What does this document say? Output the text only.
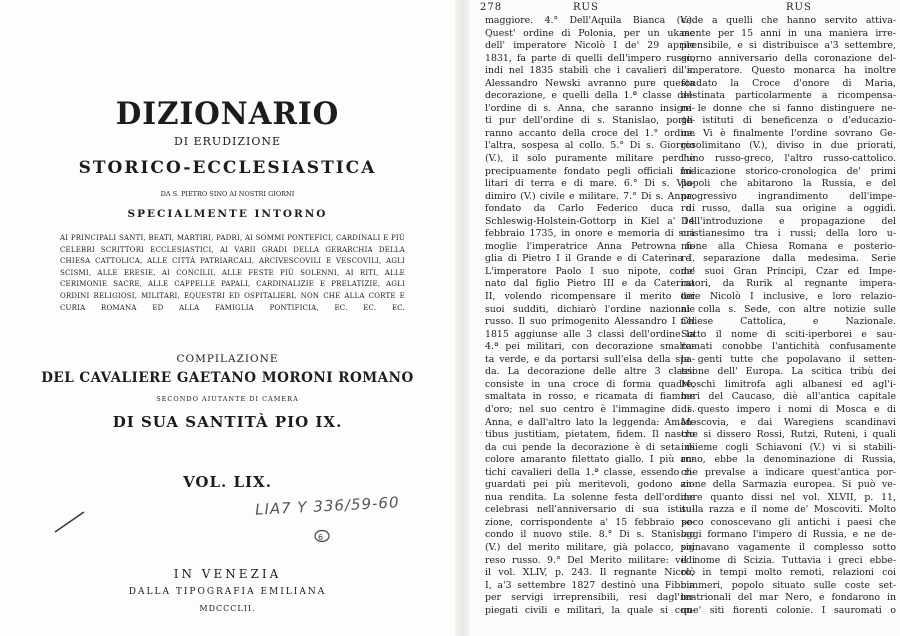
DIZIONARIO
DI ERUDIZIONE
STORICO-ECCLESIASTICA
DA S. PIETRO SINO AI NOSTRI GIORNI
SPECIALMENTE INTORNO
AI PRINCIPALI SANTI, BEATI, MARTIRI, PADRI, AI SOMMI PONTEFICI, CARDINALI E PIÙ CELEBRI SCRITTORI ECCLESIASTICI, AI VARII GRADI DELLA GERARCHIA DELLA CHIESA CATTOLICA, ALLE CITTÀ PATRIARCALI, ARCIVESCOVILI E VESCOVILI, AGLI SCISMI, ALLE ERESIE, AI CONCILII, ALLE FESTE PIÙ SOLENNI, AI RITI, ALLE CERIMONIE SACRE, ALLE CAPPELLE PAPALI, CARDINALIZIE E PRELATIZIE, AGLI ORDINI RELIGIOSI, MILITARI, EQUESTRI ED OSPITALIERI, NON CHE ALLA CORTE E CURIA ROMANA ED ALLA FAMIGLIA PONTIFICIA, EC. EC. EC.
COMPILAZIONE
DEL CAVALIERE GAETANO MORONI ROMANO
SECONDO AIUTANTE DI CAMERA
DI SUA SANTITÀ PIO IX.
VOL. LIX.
LIA7 Y 336/59-60
6
IN VENEZIA
DALLA TIPOGRAFIA EMILIANA
MDCCCLII.
278	RUS	RUS
maggiore. 4.° Dell'Aquila Bianca (V.).
Quest' ordine di Polonia, per un ukase
dell' imperatore Nicolò I de' 29 aprile
1831, fa parte di quelli dell'impero russo,
indi nel 1835 stabilì che i cavalieri di s.
Alessandro Newski avranno pure questa
decorazione, e quelli della 1.ª classe del-
l'ordine di s. Anna, che saranno insigni-
ti pur dell'ordine di s. Stanislao, porte-
ranno accanto della croce del 1.° ordine
l'altra, sospesa al collo. 5.° Di s. Giorgio
(V.), il solo puramente militare perchè
precipuamente fondato pegli officiali mi-
litari di terra e di mare. 6.° Di s. Vla-
dimiro (V.) civile e militare. 7.° Di s. Anna,
fondato da Carlo Federico duca di
Schleswig-Holstein-Gottorp in Kiel a' 14
febbraio 1735, in onore e memoria di sua
moglie l'imperatrice Anna Petrowna fi-
glia di Pietro I il Grande e di Caterina I.
L'imperatore Paolo I suo nipote, come
nato dal figlio Pietro III e da Caterina
II, volendo ricompensare il merito dei
suoi sudditi, dichiarò l'ordine nazionale
russo. Il suo primogenito Alessandro I nel
1815 aggiunse alle 3 classi dell'ordine la
4.ª pei militari, con decorazione smalta-
ta verde, e da portarsi sull'elsa della spa-
da. La decorazione delle altre 3 classi
consiste in una croce di forma quadre,
smaltata in rosso, e ricamata di fiamme
d'oro; nel suo centro è l'immagine di s.
Anna, e dall'altro lato la leggenda: Aman-
tibus justitiam, pietatem, fidem. Il nastro
da cui pende la decorazione è di seta di
colore amaranto filettato giallo. I più an-
tichi cavalieri della 1.ª classe, essendo ri-
guardati pei più meritevoli, godono an-
nua rendita. La solenne festa dell'ordine
celebrasi nell'anniversario di sua istitu-
zione, corrispondente a' 15 febbraio se-
condo il nuovo stile. 8.° Di s. Stanislao
(V.) del merito militare, già polacco, poi
reso russo. 9.° Del Merito militare: vedi
il vol. XLIV, p. 243. Il regnante Nicolò
I, a'3 settembre 1827 destinò una Fibbia
per servigi irreprensibili, resi dagl'im-
piegati civili e militari, la quale si con-
cede a quelli che hanno servito attiva-
mente per 15 anni in una maniera irre-
prensibile, e si distribuisce a'3 settembre,
giorno anniversario della coronazione del-
l'imperatore. Questo monarca ha inoltre
fondato la Croce d'onore di Maria,
destinata particolarmente a ricompensa-
re le donne che si fanno distinguere ne-
gli istituti di beneficenza o d'educazio-
ne. Vi è finalmente l'ordine sovrano Ge-
rosolimitano (V.), diviso in due priorati,
l'uno russo-greco, l'altro russo-cattolico.
Indicazione storico-cronologica de' primi
popoli che abitarono la Russia, e del
progressivo ingrandimento dell'impe-
ro russo, dalla sua origine a oggidì.
Dell'introduzione e propagazione del
cristianesimo tra i russi; della loro u-
nione alla Chiesa Romana e posterio-
re separazione dalla medesima. Serie
de' suoi Gran Principi, Czar ed Impe-
ratori, da Rurik al regnante impera-
tore Nicolò I inclusive, e loro relazio-
ni colla s. Sede, con altre notizie sulle
Chiese Cattolica, e Nazionale.
Sotto il nome di sciti-iperborei e sau-
romati conobbe l'antichità confusamente
le genti tutte che popolavano il setten-
trione dell' Europa. La scitica tribù dei
Moschi limitrofa agli albanesi ed agl'i-
beri del Caucaso, diè all'antica capitale
di questo impero i nomi di Mosca e di
Moscovia, e dai Waregiens scandinavi
che si dissero Rossi, Rutzi, Ruteni, i quali
insieme cogli Schiavoni (V.) vi si stabili-
rono, ebbe la denominazione di Russia,
che prevalse a indicare quest'antica por-
zione della Sarmazia europea. Si può ve-
dere quanto dissi nel vol. XLVII, p. 11,
sulla razza e il nome de' Moscoviti. Molto
poco conoscevano gli antichi i paesi che
oggi formano l'impero di Russia, e ne de-
signavano vagamente il complesso sotto
il nome di Scizia. Tuttavia i greci ebbe-
ro, in tempi molto remoti, relazioni coi
cimmeri, popolo situato sulle coste set-
tentrionali del mar Nero, e fondarono in
que' siti fiorenti colonie. I sauromati o
